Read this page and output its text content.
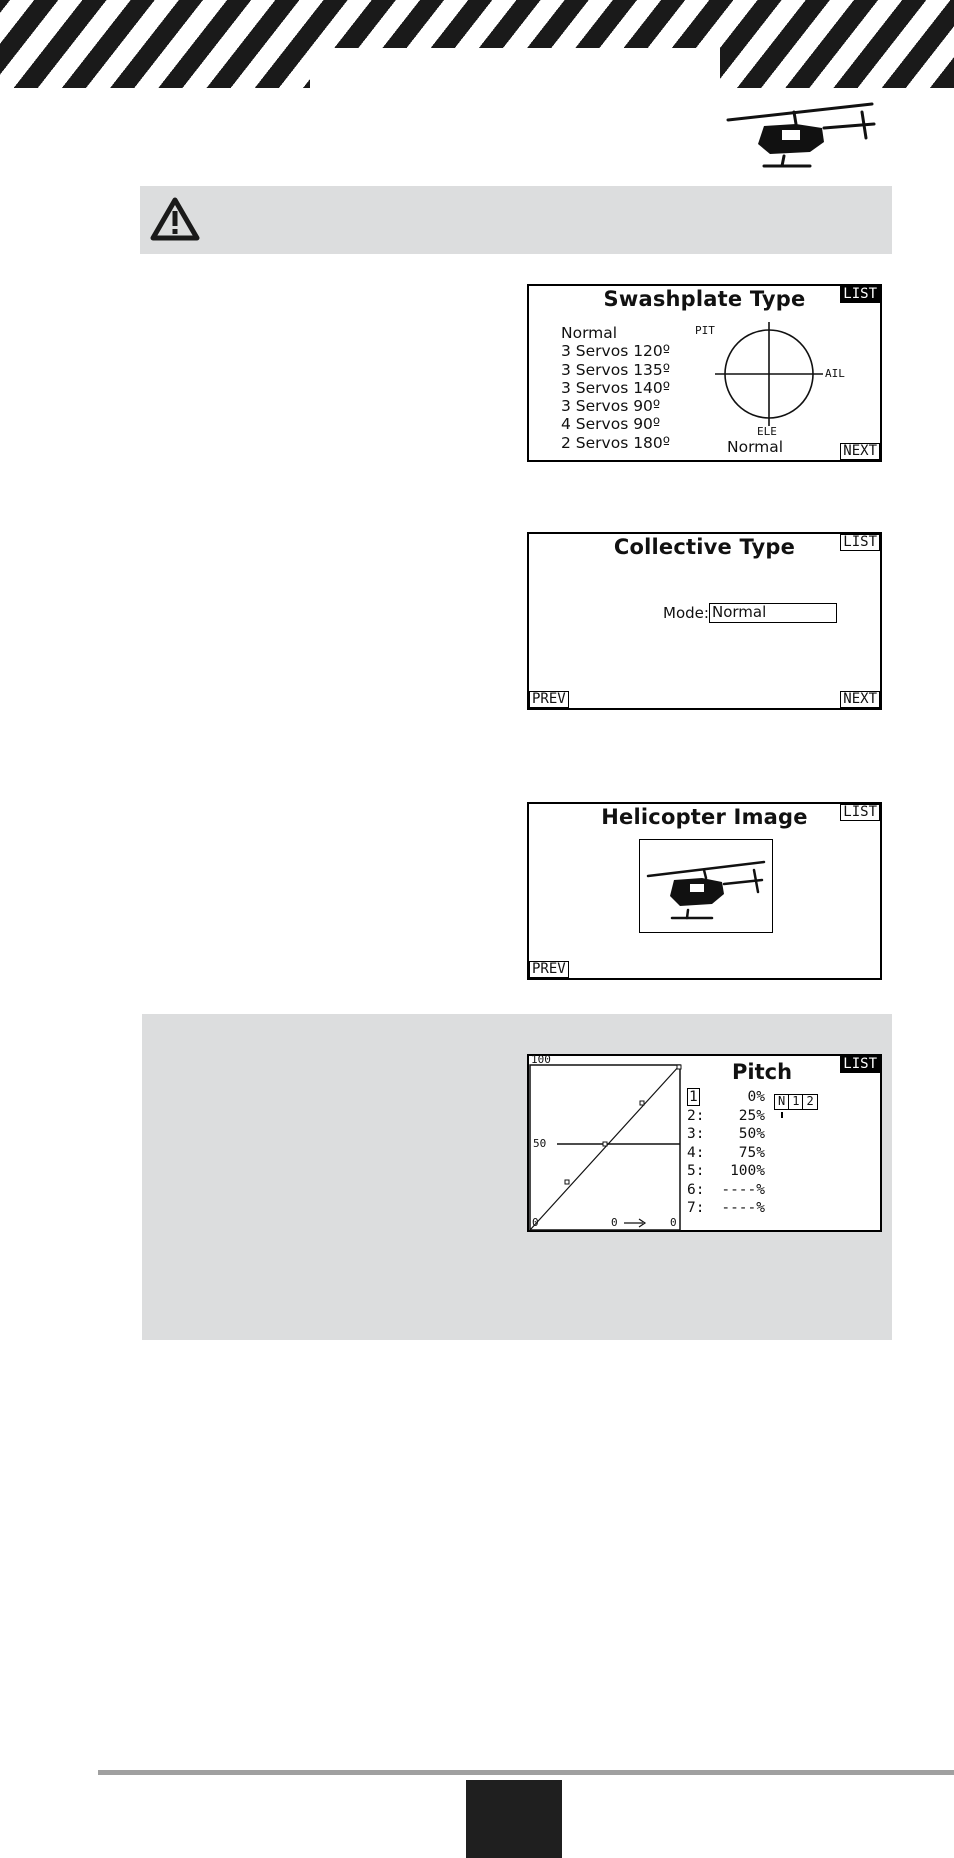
Swashplate Type	LIST
Normal
3 Servos 120º
3 Servos 135º
3 Servos 140º
3 Servos 90º
4 Servos 90º
2 Servos 180º
PIT
AIL
ELE
Normal	NEXT
Collective Type	LIST
Mode: Normal
PREV	NEXT
Helicopter Image	LIST
PREV
100
50
0	0	0
Pitch	LIST
1	0%
2:	25%
3:	50%
4:	75%
5:	100%
6:	----%
7:	----%
N 1 2
